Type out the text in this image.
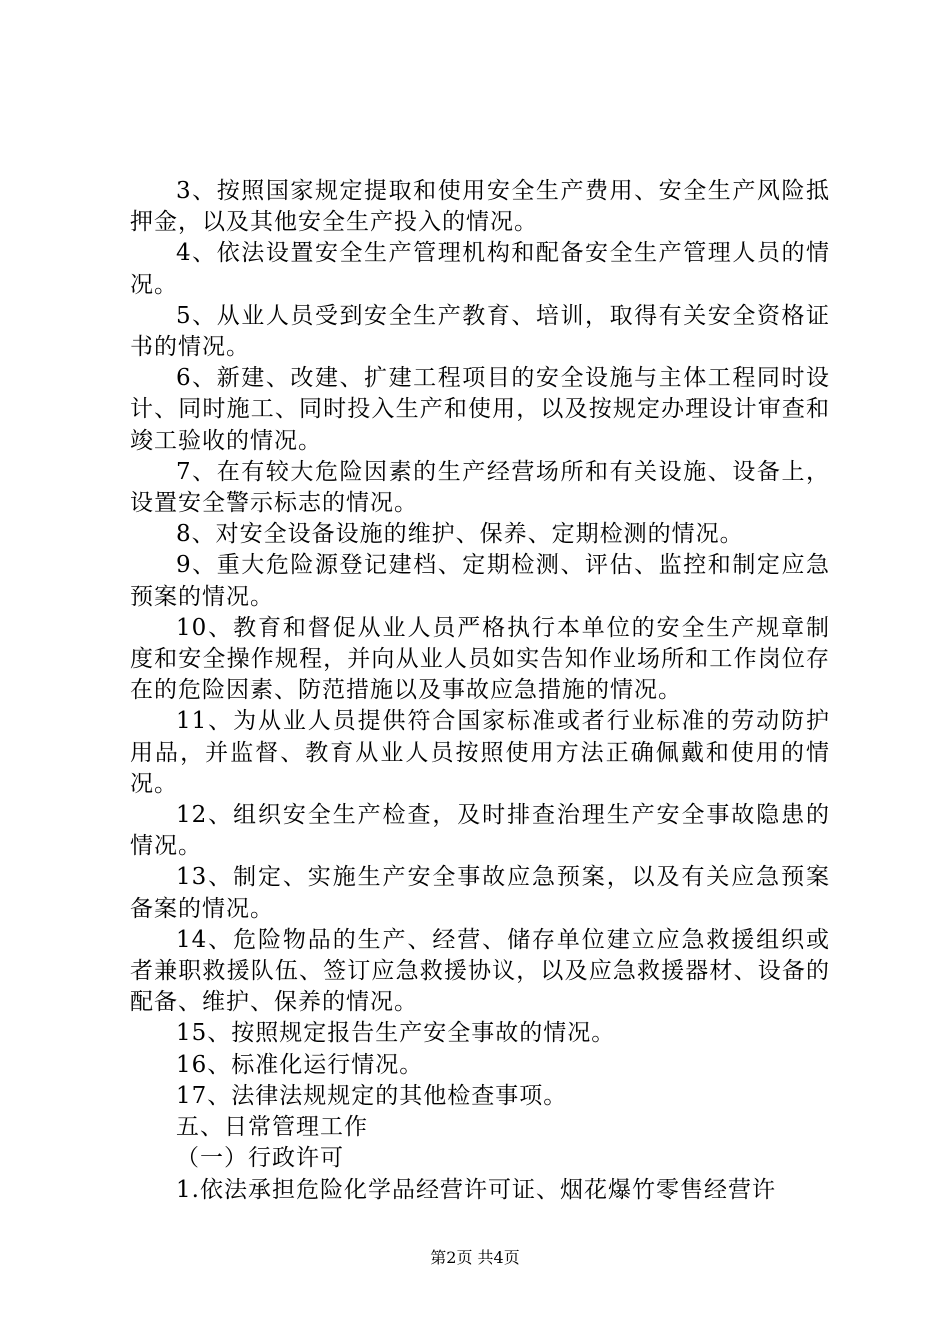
3、按照国家规定提取和使用安全生产费用、安全生产风险抵押金，以及其他安全生产投入的情况。

4、依法设置安全生产管理机构和配备安全生产管理人员的情况。

5、从业人员受到安全生产教育、培训，取得有关安全资格证书的情况。

6、新建、改建、扩建工程项目的安全设施与主体工程同时设计、同时施工、同时投入生产和使用，以及按规定办理设计审查和竣工验收的情况。

7、在有较大危险因素的生产经营场所和有关设施、设备上，设置安全警示标志的情况。

8、对安全设备设施的维护、保养、定期检测的情况。

9、重大危险源登记建档、定期检测、评估、监控和制定应急预案的情况。

10、教育和督促从业人员严格执行本单位的安全生产规章制度和安全操作规程，并向从业人员如实告知作业场所和工作岗位存在的危险因素、防范措施以及事故应急措施的情况。

11、为从业人员提供符合国家标准或者行业标准的劳动防护用品，并监督、教育从业人员按照使用方法正确佩戴和使用的情况。

12、组织安全生产检查，及时排查治理生产安全事故隐患的情况。

13、制定、实施生产安全事故应急预案，以及有关应急预案备案的情况。

14、危险物品的生产、经营、储存单位建立应急救援组织或者兼职救援队伍、签订应急救援协议，以及应急救援器材、设备的配备、维护、保养的情况。

15、按照规定报告生产安全事故的情况。

16、标准化运行情况。

17、法律法规规定的其他检查事项。

五、日常管理工作

（一）行政许可

1.依法承担危险化学品经营许可证、烟花爆竹零售经营许

第2页 共4页
